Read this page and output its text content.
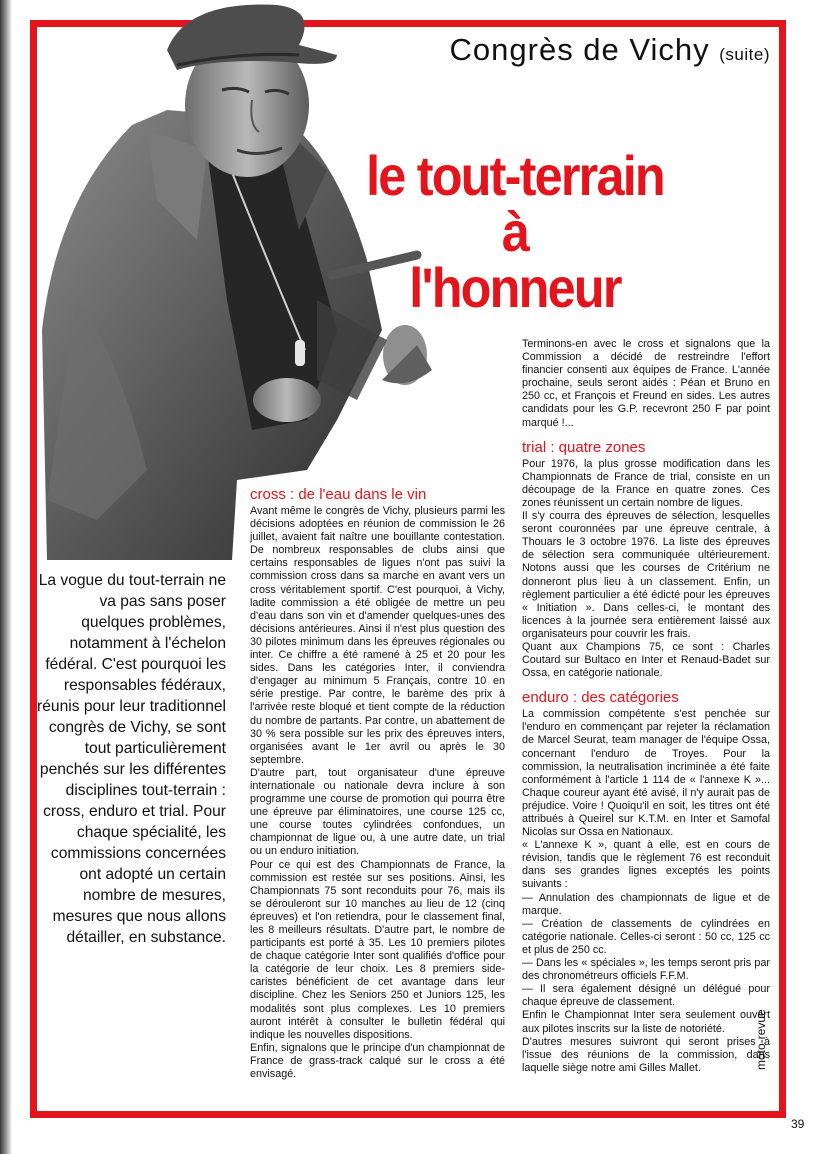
Congrès de Vichy (suite)
le tout-terrain
à
l'honneur
La vogue du tout-terrain ne va pas sans poser quelques problèmes, notamment à l'échelon fédéral. C'est pourquoi les responsables fédéraux, réunis pour leur traditionnel congrès de Vichy, se sont tout particulièrement penchés sur les différentes disciplines tout-terrain : cross, enduro et trial. Pour chaque spécialité, les commissions concernées ont adopté un certain nombre de mesures, mesures que nous allons détailler, en substance.
cross : de l'eau dans le vin

Avant même le congrès de Vichy, plusieurs parmi les décisions adoptées en réunion de commission le 26 juillet, avaient fait naître une bouillante contestation. De nombreux responsables de clubs ainsi que certains responsables de ligues n'ont pas suivi la commission cross dans sa marche en avant vers un cross véritablement sportif. C'est pourquoi, à Vichy, ladite commission a été obligée de mettre un peu d'eau dans son vin et d'amender quelques-unes des décisions antérieures. Ainsi il n'est plus question des 30 pilotes minimum dans les épreuves régionales ou inter. Ce chiffre a été ramené à 25 et 20 pour les sides. Dans les catégories Inter, il conviendra d'engager au minimum 5 Français, contre 10 en série prestige. Par contre, le barème des prix à l'arrivée reste bloqué et tient compte de la réduction du nombre de partants. Par contre, un abattement de 30 % sera possible sur les prix des épreuves inters, organisées avant le 1er avril ou après le 30 septembre.

D'autre part, tout organisateur d'une épreuve internationale ou nationale devra inclure à son programme une course de promotion qui pourra être une épreuve par éliminatoires, une course 125 cc, une course toutes cylindrées confondues, un championnat de ligue ou, à une autre date, un trial ou un enduro initiation.

Pour ce qui est des Championnats de France, la commission est restée sur ses positions. Ainsi, les Championnats 75 sont reconduits pour 76, mais ils se dérouleront sur 10 manches au lieu de 12 (cinq épreuves) et l'on retiendra, pour le classement final, les 8 meilleurs résultats. D'autre part, le nombre de participants est porté à 35. Les 10 premiers pilotes de chaque catégorie Inter sont qualifiés d'office pour la catégorie de leur choix. Les 8 premiers side-caristes bénéficient de cet avantage dans leur discipline. Chez les Seniors 250 et Juniors 125, les modalités sont plus complexes. Les 10 premiers auront intérêt à consulter le bulletin fédéral qui indique les nouvelles dispositions.

Enfin, signalons que le principe d'un championnat de France de grass-track calqué sur le cross a été envisagé.

Terminons-en avec le cross et signalons que la Commission a décidé de restreindre l'effort financier consenti aux équipes de France. L'année prochaine, seuls seront aidés : Péan et Bruno en 250 cc, et François et Freund en sides. Les autres candidats pour les G.P. recevront 250 F par point marqué !...

trial : quatre zones

Pour 1976, la plus grosse modification dans les Championnats de France de trial, consiste en un découpage de la France en quatre zones. Ces zones réunissent un certain nombre de ligues.

Il s'y courra des épreuves de sélection, lesquelles seront couronnées par une épreuve centrale, à Thouars le 3 octobre 1976. La liste des épreuves de sélection sera communiquée ultérieurement. Notons aussi que les courses de Critérium ne donneront plus lieu à un classement. Enfin, un règlement particulier a été édicté pour les épreuves « Initiation ». Dans celles-ci, le montant des licences à la journée sera entièrement laissé aux organisateurs pour couvrir les frais.

Quant aux Champions 75, ce sont : Charles Coutard sur Bultaco en Inter et Renaud-Badet sur Ossa, en catégorie nationale.

enduro : des catégories

La commission compétente s'est penchée sur l'enduro en commençant par rejeter la réclamation de Marcel Seurat, team manager de l'équipe Ossa, concernant l'enduro de Troyes. Pour la commission, la neutralisation incriminée a été faite conformément à l'article 1 114 de « l'annexe K »... Chaque coureur ayant été avisé, il n'y aurait pas de préjudice. Voire ! Quoiqu'il en soit, les titres ont été attribués à Queirel sur K.T.M. en Inter et Samofal Nicolas sur Ossa en Nationaux.

« L'annexe K », quant à elle, est en cours de révision, tandis que le règlement 76 est reconduit dans ses grandes lignes exceptés les points suivants :

— Annulation des championnats de ligue et de marque.

— Création de classements de cylindrées en catégorie nationale. Celles-ci seront : 50 cc, 125 cc et plus de 250 cc.

— Dans les « spéciales », les temps seront pris par des chronométreurs officiels F.F.M.

— Il sera également désigné un délégué pour chaque épreuve de classement.

Enfin le Championnat Inter sera seulement ouvert aux pilotes inscrits sur la liste de notoriété.

D'autres mesures suivront qui seront prises à l'issue des réunions de la commission, dans laquelle siège notre ami Gilles Mallet.	moto-revue
39
